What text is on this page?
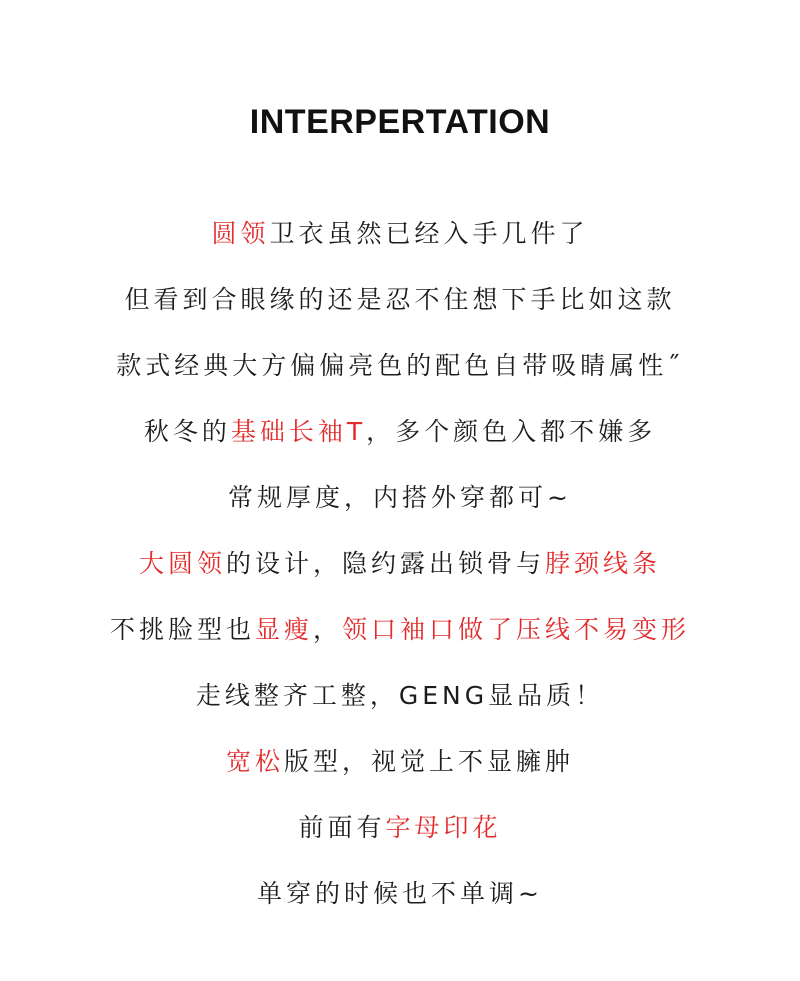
INTERPERTATION
圆领卫衣虽然已经入手几件了
但看到合眼缘的还是忍不住想下手比如这款
款式经典大方偏偏亮色的配色自带吸睛属性˝
秋冬的基础长袖T，多个颜色入都不嫌多
常规厚度，内搭外穿都可~
大圆领的设计，隐约露出锁骨与脖颈线条
不挑脸型也显瘦，领口袖口做了压线不易变形
走线整齐工整，GENG显品质！
宽松版型，视觉上不显臃肿
前面有字母印花
单穿的时候也不单调~
